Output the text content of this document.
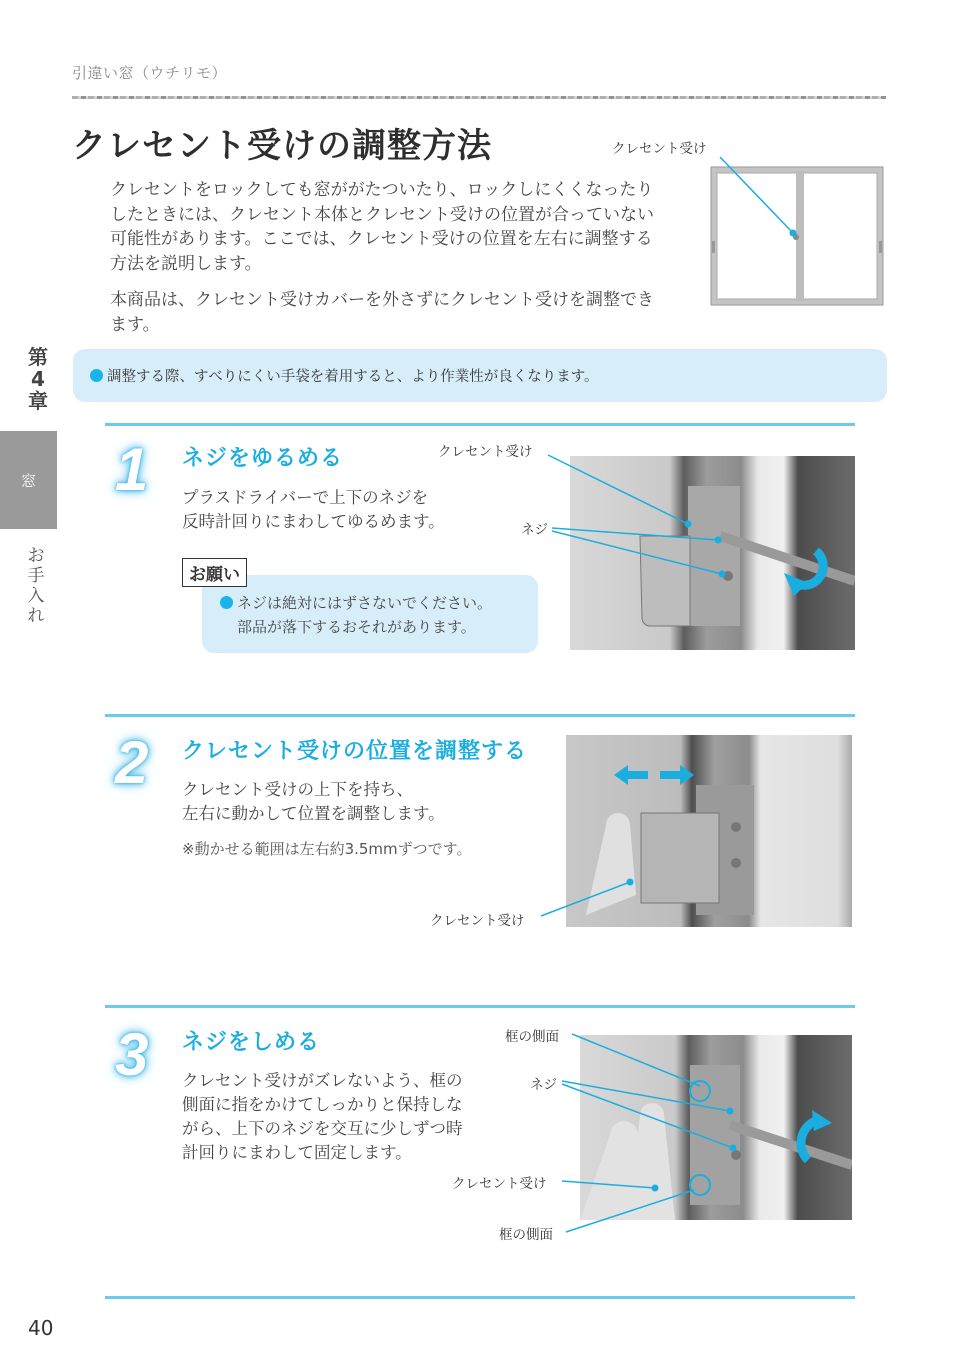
引違い窓（ウチリモ）
クレセント受けの調整方法

クレセントをロックしても窓ががたついたり、ロックしにくくなったりしたときには、クレセント本体とクレセント受けの位置が合っていない可能性があります。ここでは、クレセント受けの位置を左右に調整する方法を説明します。

本商品は、クレセント受けカバーを外さずにクレセント受けを調整できます。

クレセント受け
第
4
章
窓
お
手
入
れ
調整する際、すべりにくい手袋を着用すると、より作業性が良くなります。
1 ネジをゆるめる
プラスドライバーで上下のネジを
反時計回りにまわしてゆるめます。
お願い
ネジは絶対にはずさないでください。
部品が落下するおそれがあります。
クレセント受け
ネジ
2 クレセント受けの位置を調整する
クレセント受けの上下を持ち、
左右に動かして位置を調整します。
※動かせる範囲は左右約3.5mmずつです。
クレセント受け
3 ネジをしめる
クレセント受けがズレないよう、框の
側面に指をかけてしっかりと保持しな
がら、上下のネジを交互に少しずつ時
計回りにまわして固定します。
框の側面
ネジ
クレセント受け
框の側面
40
